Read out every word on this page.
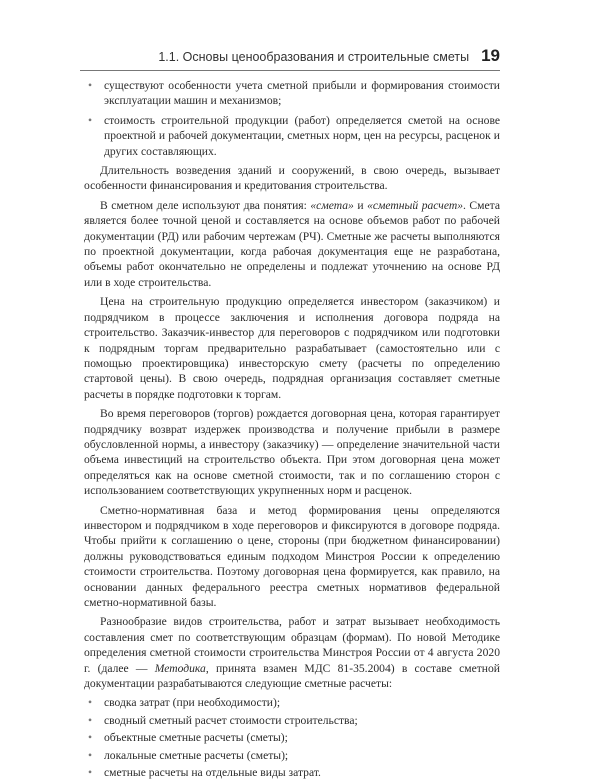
1.1. Основы ценообразования и строительные сметы 19
• существуют особенности учета сметной прибыли и формирования стоимости эксплуатации машин и механизмов;
• стоимость строительной продукции (работ) определяется сметой на основе проектной и рабочей документации, сметных норм, цен на ресурсы, расценок и других составляющих.

Длительность возведения зданий и сооружений, в свою очередь, вызывает особенности финансирования и кредитования строительства.

В сметном деле используют два понятия: «смета» и «сметный расчет». Смета является более точной ценой и составляется на основе объемов работ по рабочей документации (РД) или рабочим чертежам (РЧ). Сметные же расчеты выполняются по проектной документации, когда рабочая документация еще не разработана, объемы работ окончательно не определены и подлежат уточнению на основе РД или в ходе строительства.

Цена на строительную продукцию определяется инвестором (заказчиком) и подрядчиком в процессе заключения и исполнения договора подряда на строительство. Заказчик-инвестор для переговоров с подрядчиком или подготовки к подрядным торгам предварительно разрабатывает (самостоятельно или с помощью проектировщика) инвесторскую смету (расчеты по определению стартовой цены). В свою очередь, подрядная организация составляет сметные расчеты в порядке подготовки к торгам.

Во время переговоров (торгов) рождается договорная цена, которая гарантирует подрядчику возврат издержек производства и получение прибыли в размере обусловленной нормы, а инвестору (заказчику) — определение значительной части объема инвестиций на строительство объекта. При этом договорная цена может определяться как на основе сметной стоимости, так и по соглашению сторон с использованием соответствующих укрупненных норм и расценок.

Сметно-нормативная база и метод формирования цены определяются инвестором и подрядчиком в ходе переговоров и фиксируются в договоре подряда. Чтобы прийти к соглашению о цене, стороны (при бюджетном финансировании) должны руководствоваться единым подходом Минстроя России к определению стоимости строительства. Поэтому договорная цена формируется, как правило, на основании данных федерального реестра сметных нормативов федеральной сметно-нормативной базы.

Разнообразие видов строительства, работ и затрат вызывает необходимость составления смет по соответствующим образцам (формам). По новой Методике определения сметной стоимости строительства Минстроя России от 4 августа 2020 г. (далее — Методика, принята взамен МДС 81-35.2004) в составе сметной документации разрабатываются следующие сметные расчеты:

• сводка затрат (при необходимости);
• сводный сметный расчет стоимости строительства;
• объектные сметные расчеты (сметы);
• локальные сметные расчеты (сметы);
• сметные расчеты на отдельные виды затрат.
